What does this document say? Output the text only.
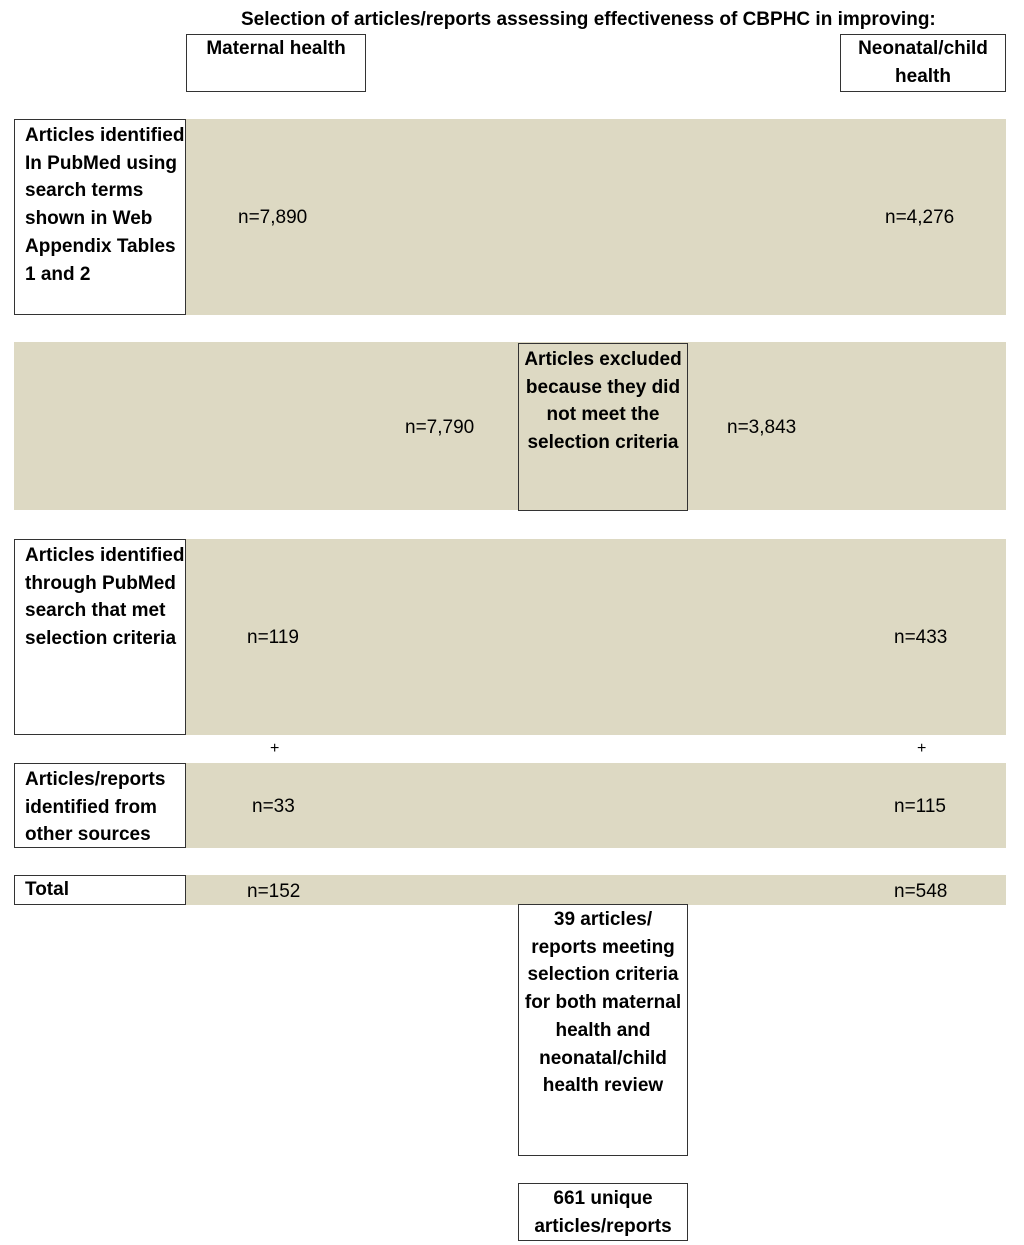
Selection of articles/reports assessing effectiveness of CBPHC in improving:
Maternal health	Neonatal/child health
Articles identified In PubMed using search terms shown in Web Appendix Tables 1 and 2
n=7,890	n=4,276
Articles excluded because they did not meet the selection criteria
n=7,790	n=3,843
Articles identified through PubMed search that met selection criteria	n=119	n=433
+	+
Articles/reports identified from other sources
n=33	n=115
Total	n=152	n=548
39 articles/ reports meeting selection criteria for both maternal health and neonatal/child health review
661 unique articles/reports
